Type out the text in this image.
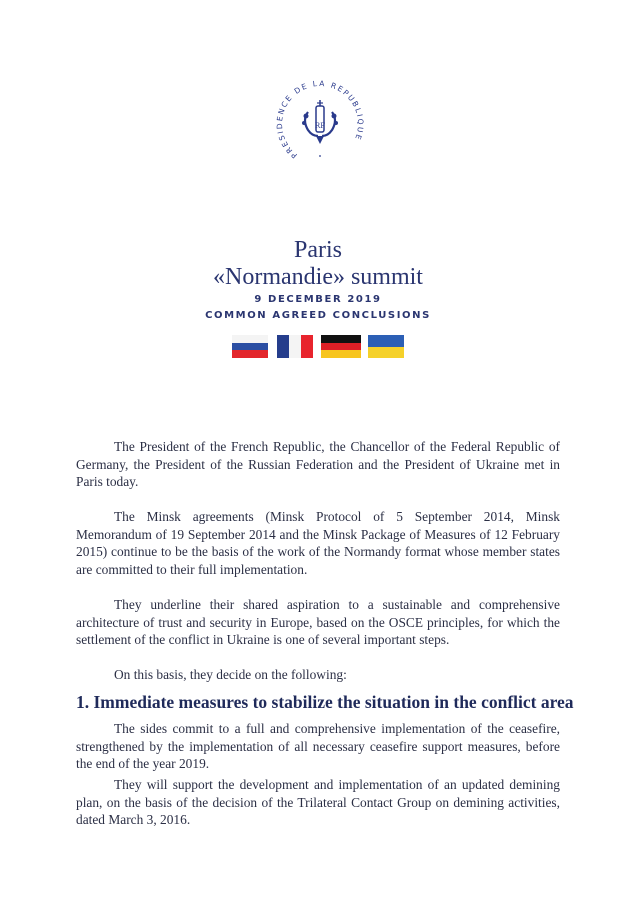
PRESIDENCE DE LA REPUBLIQUE
RF
Paris
«Normandie» summit
9 DECEMBER 2019
COMMON AGREED CONCLUSIONS

The President of the French Republic, the Chancellor of the Federal Republic of Germany, the President of the Russian Federation and the President of Ukraine met in Paris today.

The Minsk agreements (Minsk Protocol of 5 September 2014, Minsk Memorandum of 19 September 2014 and the Minsk Package of Measures of 12 February 2015) continue to be the basis of the work of the Normandy format whose member states are committed to their full implementation.

They underline their shared aspiration to a sustainable and comprehensive architecture of trust and security in Europe, based on the OSCE principles, for which the settlement of the conflict in Ukraine is one of several important steps.

On this basis, they decide on the following:

1. Immediate measures to stabilize the situation in the conflict area

The sides commit to a full and comprehensive implementation of the ceasefire, strengthened by the implementation of all necessary ceasefire support measures, before the end of the year 2019.

They will support the development and implementation of an updated demining plan, on the basis of the decision of the Trilateral Contact Group on demining activities, dated March 3, 2016.
